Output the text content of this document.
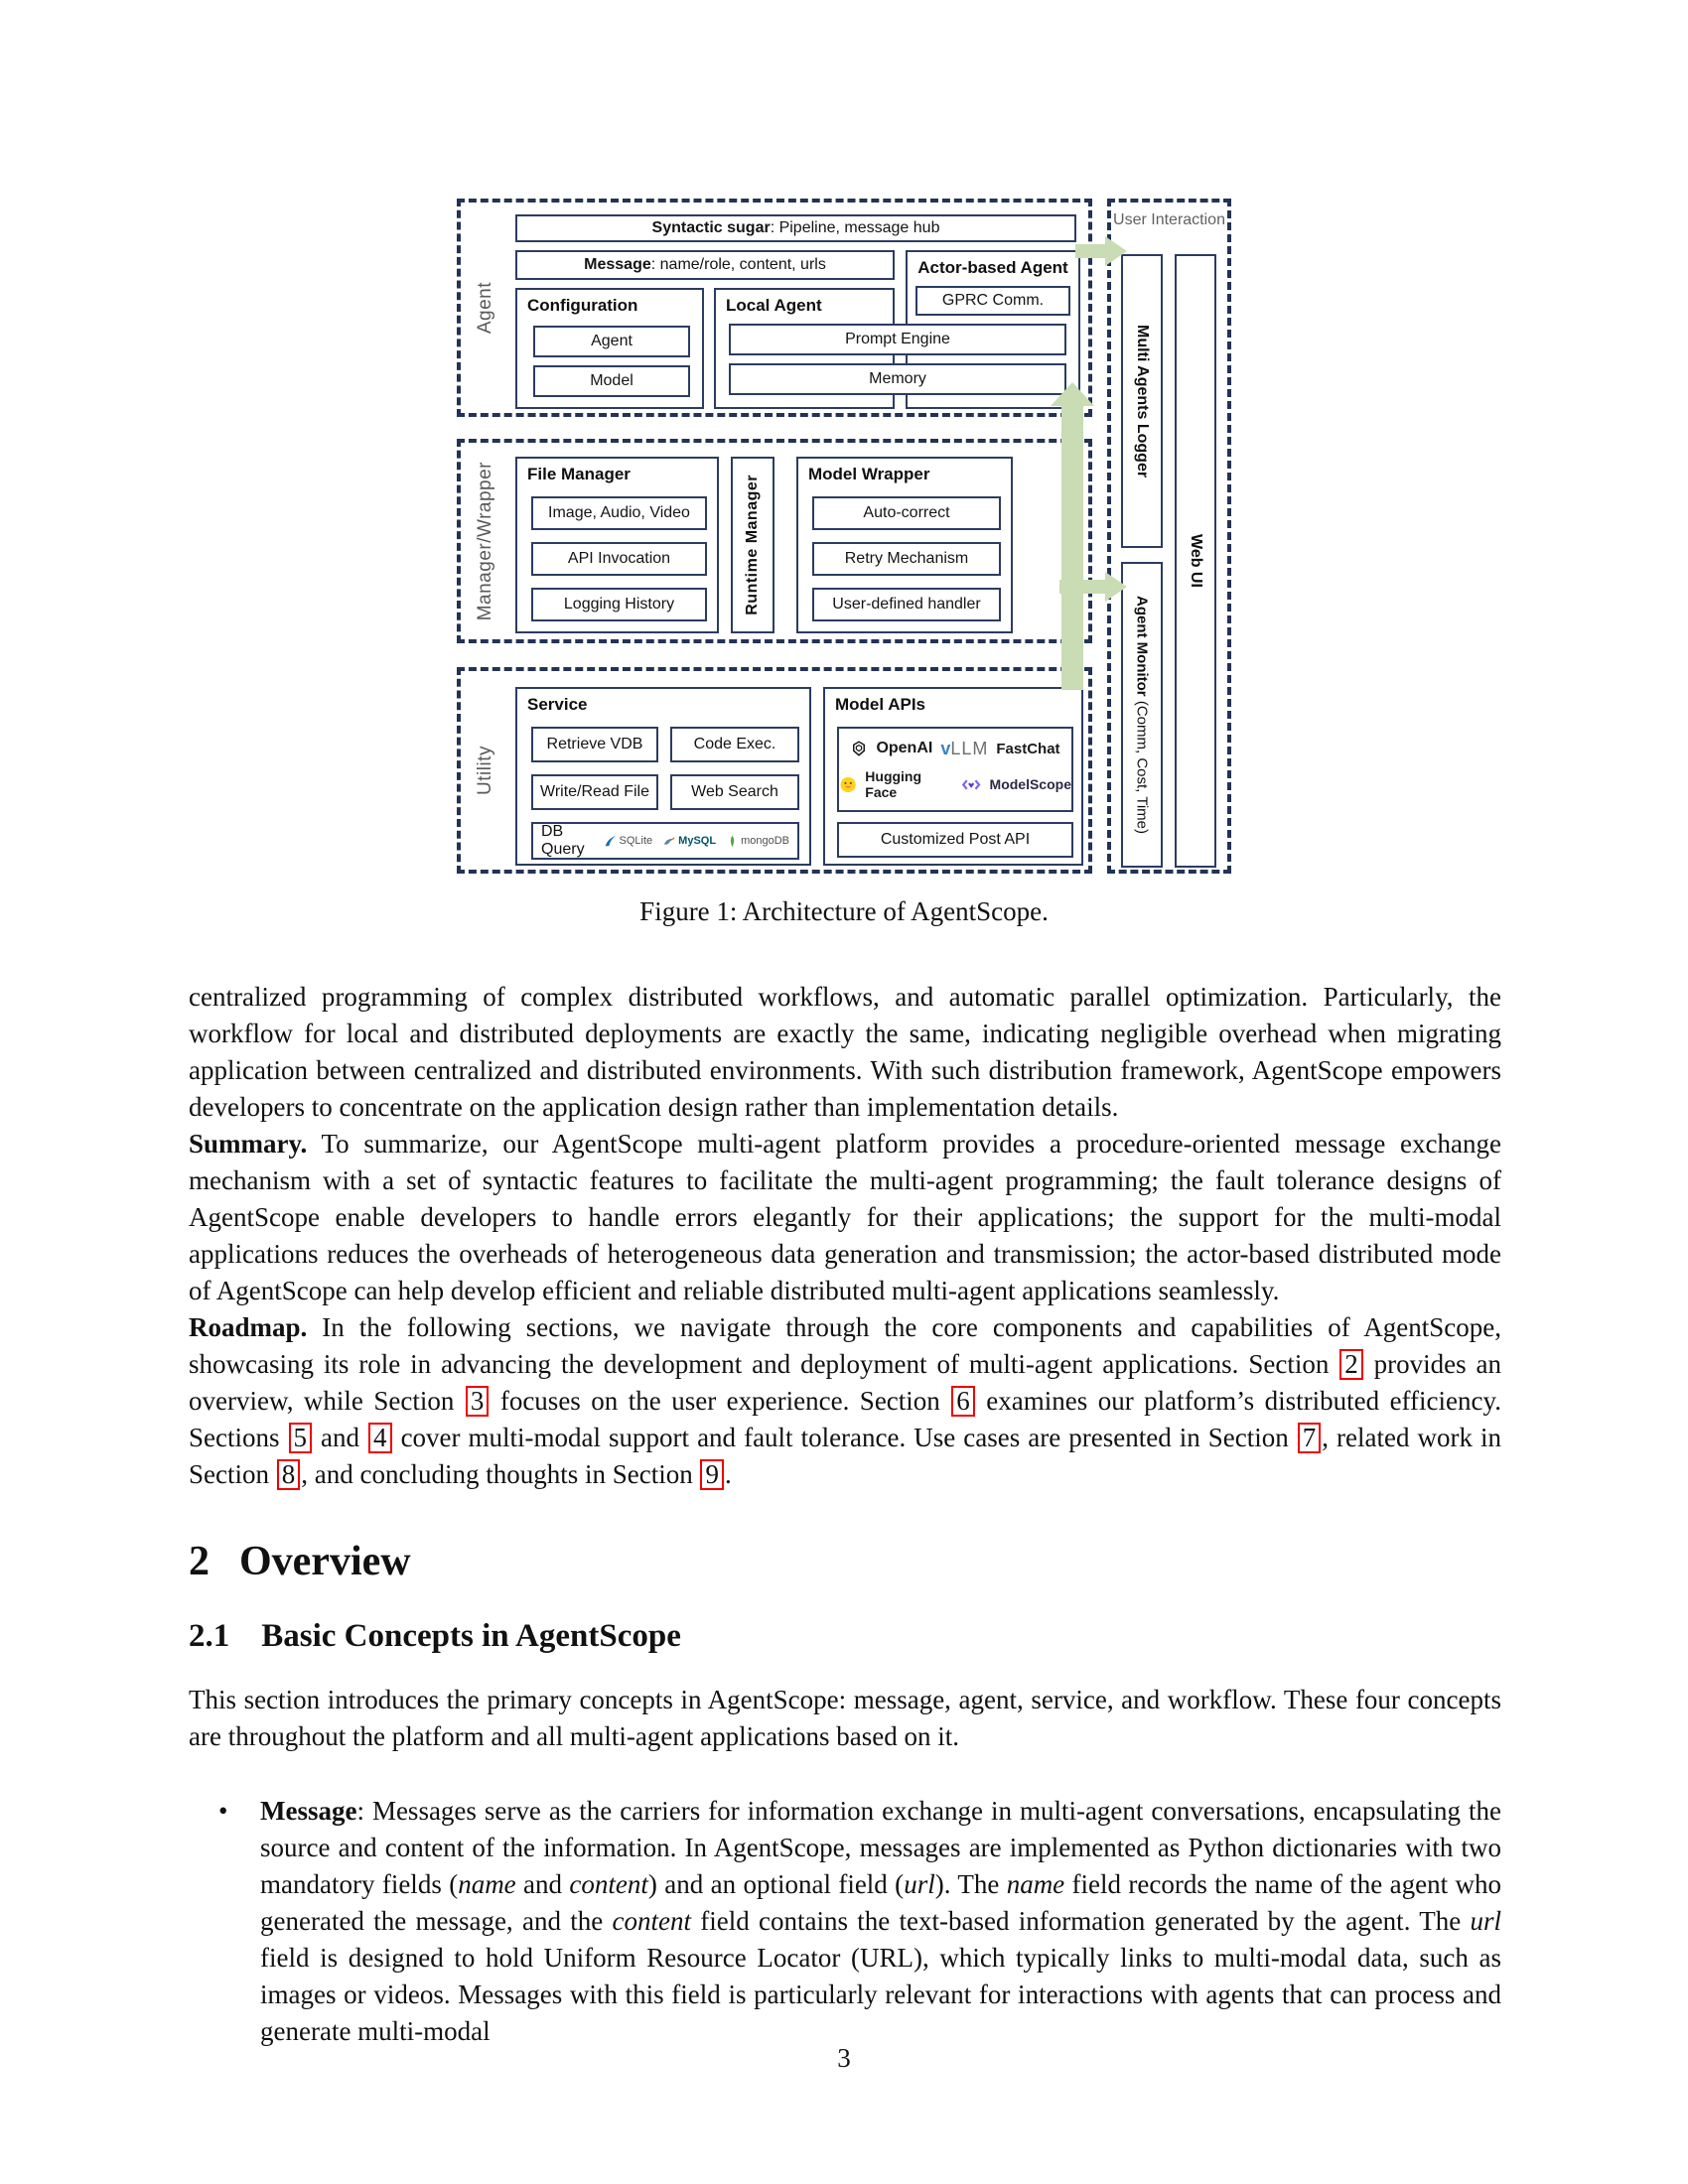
Agent
Syntactic sugar: Pipeline, message hub
Message: name/role, content, urls	Actor-based Agent
Configuration
Agent
Model
Local Agent	GPRC Comm.
Prompt Engine
Memory
Manager/Wrapper File Manager
Image, Audio, Video
API Invocation
Logging History	Runtime Manager
Model Wrapper
Auto-correct
Retry Mechanism
User-defined handler
Utility
Service
Retrieve VDB	Code Exec.
Write/Read File	Web Search
DB Query	SQLite MySQL mongoDB
Model APIs
OpenAI vLLM FastChat
Hugging Face	ModelScope
Customized Post API
User Interaction
Multi Agents Logger
Agent Monitor (Comm, Cost, Time)
Web UI
Figure 1: Architecture of AgentScope.
centralized programming of complex distributed workflows, and automatic parallel optimization. Particularly, the workflow for local and distributed deployments are exactly the same, indicating negligible overhead when migrating application between centralized and distributed environments. With such distribution framework, AgentScope empowers developers to concentrate on the application design rather than implementation details.
Summary. To summarize, our AgentScope multi-agent platform provides a procedure-oriented message exchange mechanism with a set of syntactic features to facilitate the multi-agent programming; the fault tolerance designs of AgentScope enable developers to handle errors elegantly for their applications; the support for the multi-modal applications reduces the overheads of heterogeneous data generation and transmission; the actor-based distributed mode of AgentScope can help develop efficient and reliable distributed multi-agent applications seamlessly.
Roadmap. In the following sections, we navigate through the core components and capabilities of AgentScope, showcasing its role in advancing the development and deployment of multi-agent applications. Section 2 provides an overview, while Section 3 focuses on the user experience. Section 6 examines our platform’s distributed efficiency. Sections 5 and 4 cover multi-modal support and fault tolerance. Use cases are presented in Section 7 , related work in Section 8 , and concluding thoughts in Section 9 .
2 Overview
2.1 Basic Concepts in AgentScope
This section introduces the primary concepts in AgentScope: message, agent, service, and workflow. These four concepts are throughout the platform and all multi-agent applications based on it.
• Message: Messages serve as the carriers for information exchange in multi-agent conversations, encapsulating the source and content of the information. In AgentScope, messages are implemented as Python dictionaries with two mandatory fields (name and content) and an optional field (url). The name field records the name of the agent who generated the message, and the content field contains the text-based information generated by the agent. The url field is designed to hold Uniform Resource Locator (URL), which typically links to multi-modal data, such as images or videos. Messages with this field is particularly relevant for interactions with agents that can process and generate multi-modal
3
